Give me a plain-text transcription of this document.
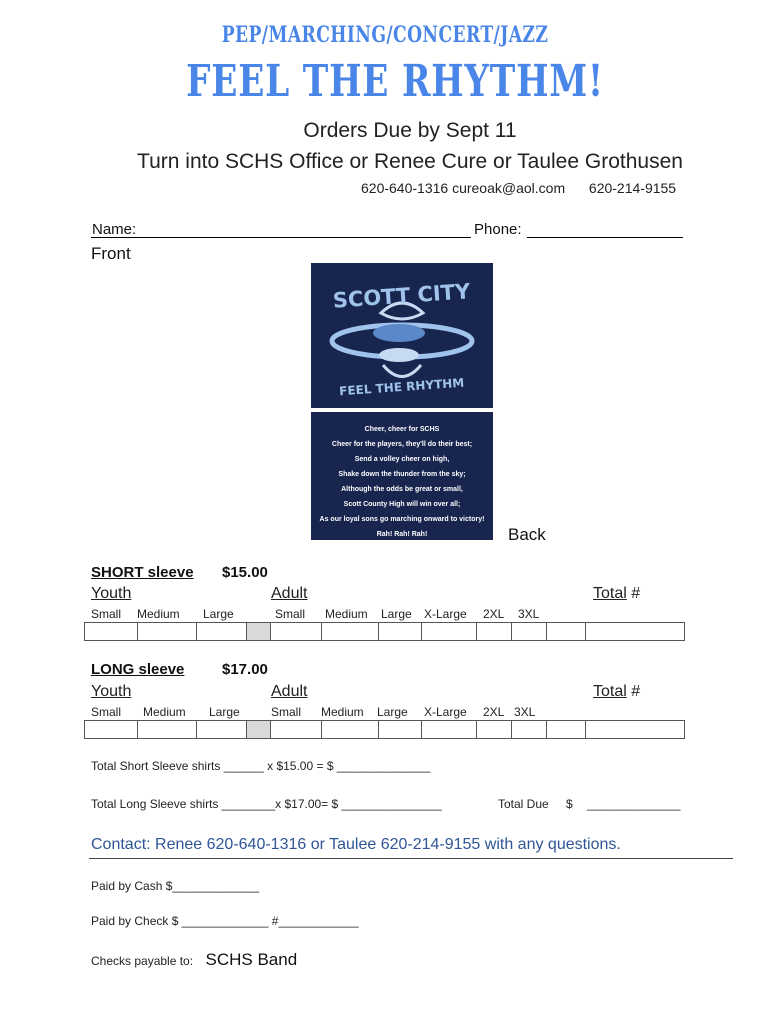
PEP/MARCHING/CONCERT/JAZZ
FEEL THE RHYTHM!
Orders Due by Sept 11
Turn into SCHS Office or Renee Cure or Taulee Grothusen
620-640-1316 cureoak@aol.com 620-214-9155
Name:	Phone:
Front
SCOTT CITY
FEEL THE RHYTHM
Cheer, cheer for SCHS
Cheer for the players, they'll do their best;
Send a volley cheer on high,
Shake down the thunder from the sky;
Although the odds be great or small,
Scott County High will win over all;
As our loyal sons go marching onward to victory!
Rah! Rah! Rah!	Back
SHORT sleeve $15.00
Youth	Adult	Total #
Small Medium Large	Small Medium Large X-Large 2XL 3XL

LONG sleeve	$17.00
Youth	Adult	Total #
Small Medium Large	Small Medium Large X-Large 2XL 3XL

Total Short Sleeve shirts ______ x $15.00 = $ ______________
Total Long Sleeve shirts ________x $17.00= $ _______________	Total Due $ ______________
Contact: Renee 620-640-1316 or Taulee 620-214-9155 with any questions.
Paid by Cash $_____________
Paid by Check $ _____________ #____________
Checks payable to: SCHS Band
